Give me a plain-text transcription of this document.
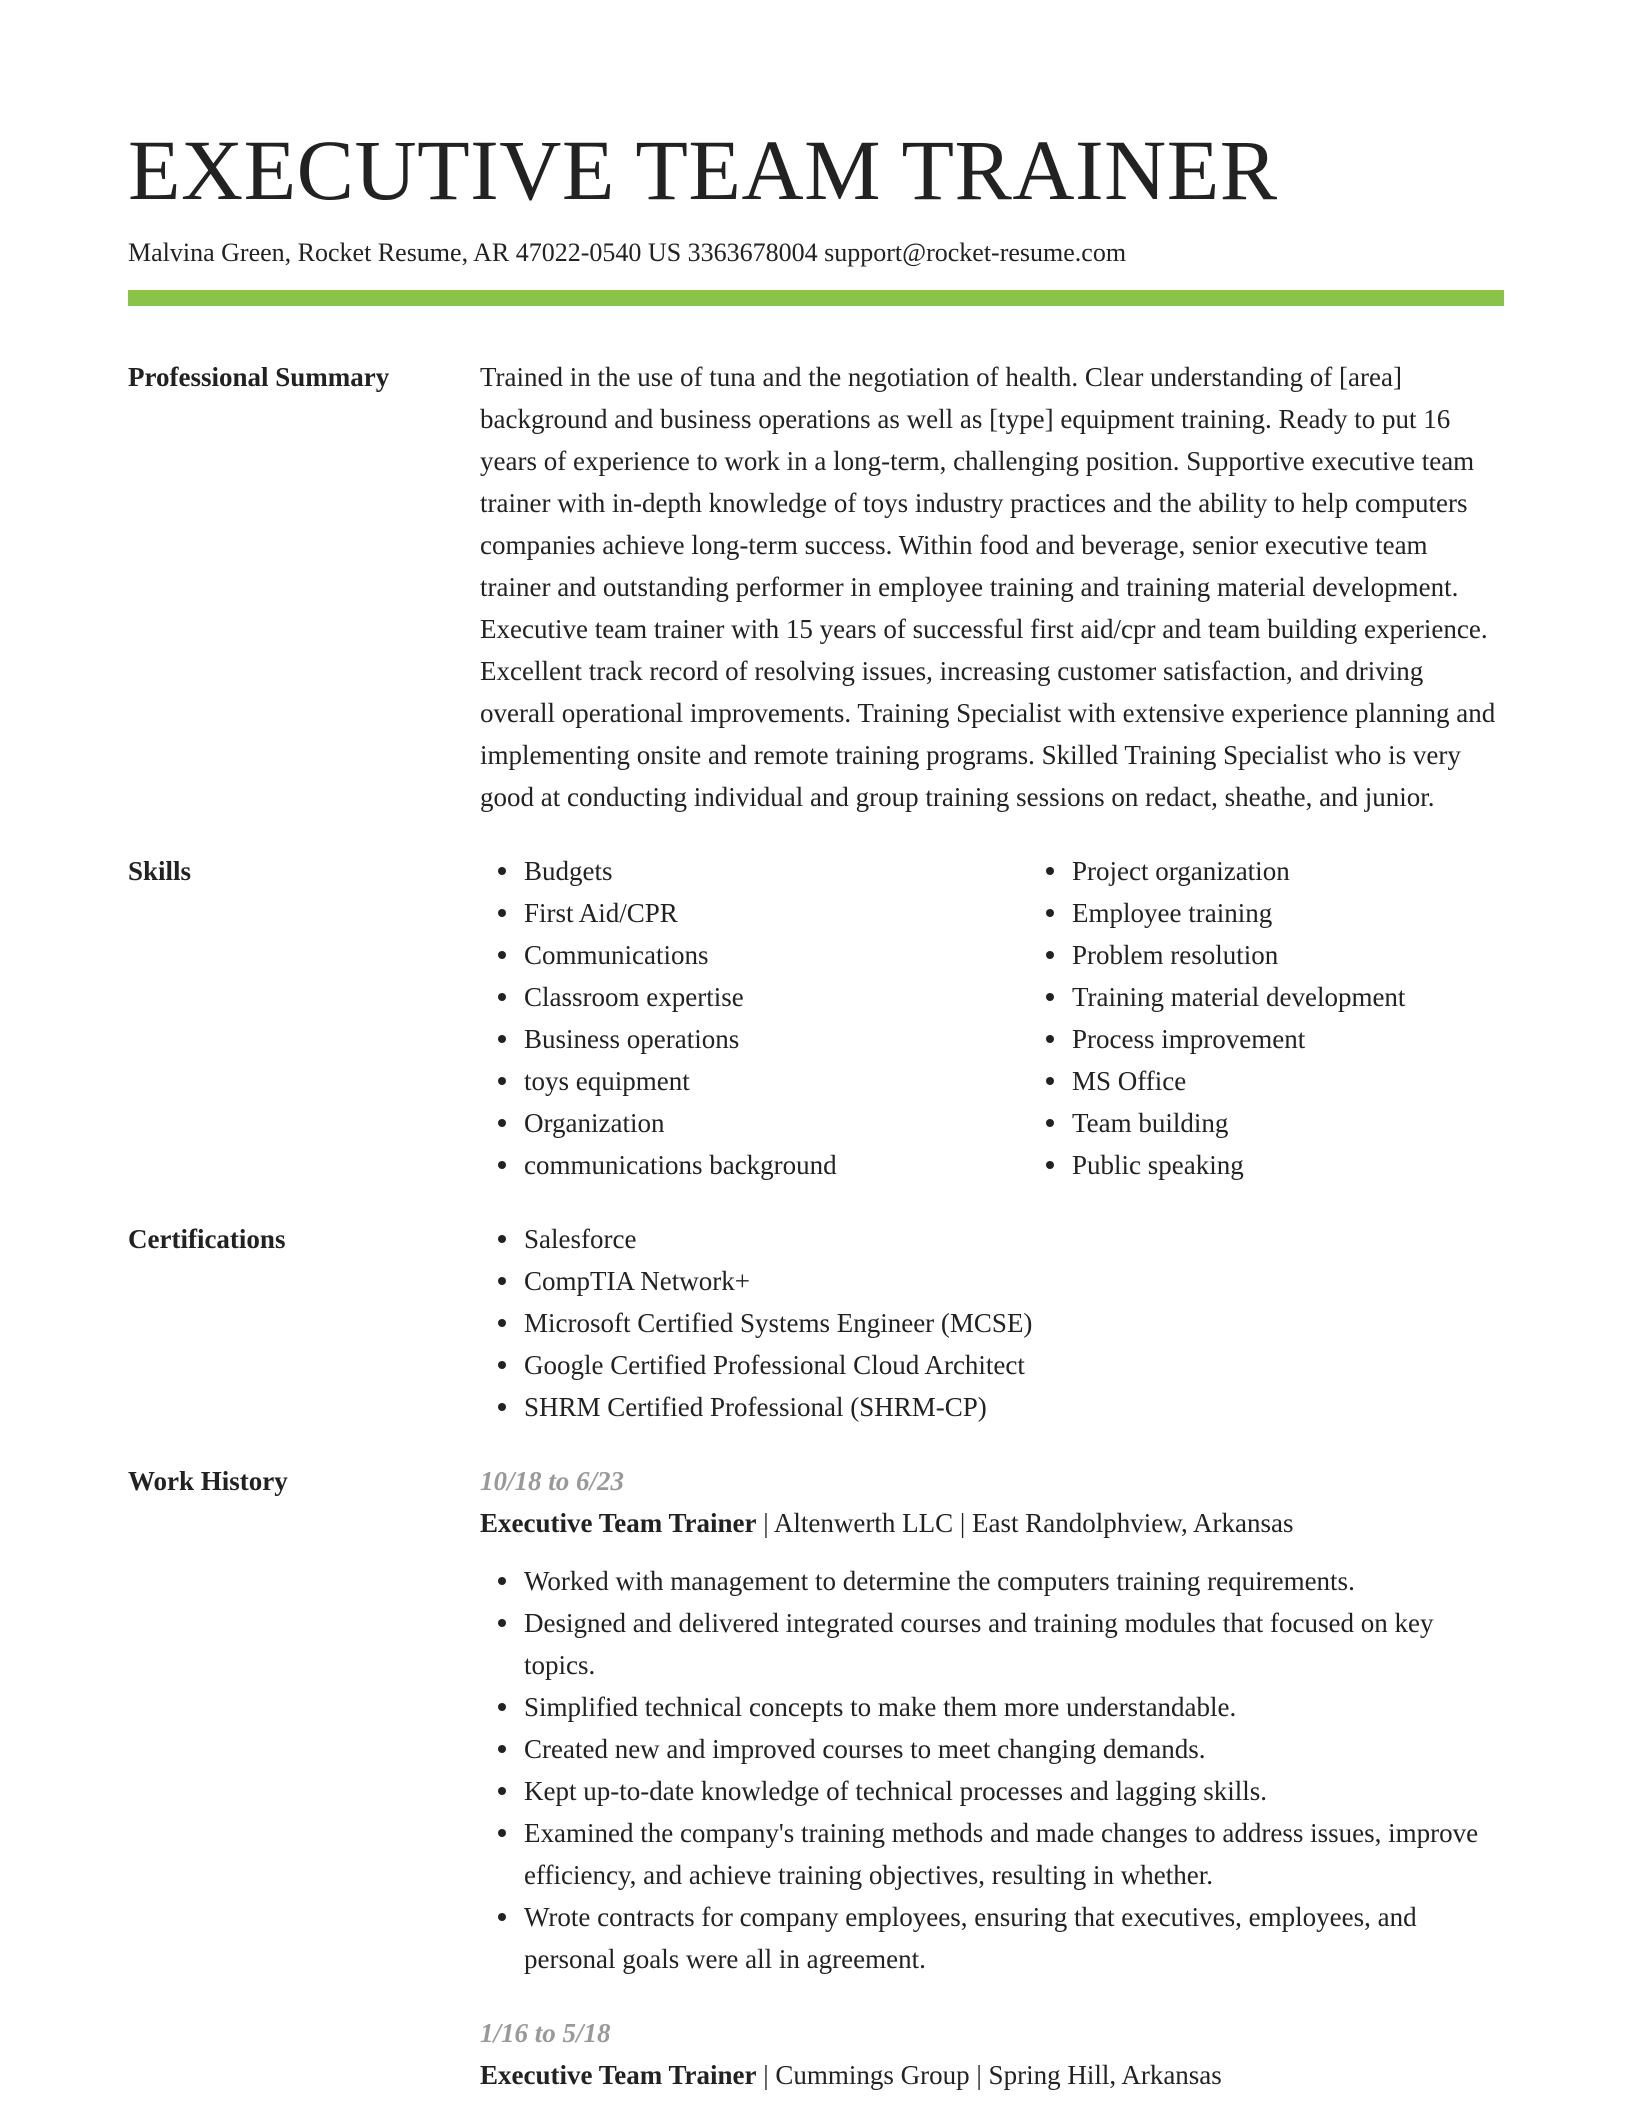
EXECUTIVE TEAM TRAINER
Malvina Green, Rocket Resume, AR 47022-0540 US 3363678004 support@rocket-resume.com
Professional Summary	Trained in the use of tuna and the negotiation of health. Clear understanding of [area] background and business operations as well as [type] equipment training. Ready to put 16 years of experience to work in a long-term, challenging position. Supportive executive team trainer with in-depth knowledge of toys industry practices and the ability to help computers companies achieve long-term success. Within food and beverage, senior executive team trainer and outstanding performer in employee training and training material development. Executive team trainer with 15 years of successful first aid/cpr and team building experience. Excellent track record of resolving issues, increasing customer satisfaction, and driving overall operational improvements. Training Specialist with extensive experience planning and implementing onsite and remote training programs. Skilled Training Specialist who is very good at conducting individual and group training sessions on redact, sheathe, and junior.

Skills	Budgets
First Aid/CPR
Communications
Classroom expertise
Business operations
toys equipment
Organization
communications background
Project organization
Employee training
Problem resolution
Training material development
Process improvement
MS Office
Team building
Public speaking
Certifications	Salesforce
CompTIA Network+
Microsoft Certified Systems Engineer (MCSE)
Google Certified Professional Cloud Architect
SHRM Certified Professional (SHRM-CP)
Work History	10/18 to 6/23
Executive Team Trainer | Altenwerth LLC | East Randolphview, Arkansas
Worked with management to determine the computers training requirements.
Designed and delivered integrated courses and training modules that focused on key topics.
Simplified technical concepts to make them more understandable.
Created new and improved courses to meet changing demands.
Kept up-to-date knowledge of technical processes and lagging skills.
Examined the company's training methods and made changes to address issues, improve efficiency, and achieve training objectives, resulting in whether.
Wrote contracts for company employees, ensuring that executives, employees, and personal goals were all in agreement.
1/16 to 5/18
Executive Team Trainer | Cummings Group | Spring Hill, Arkansas
